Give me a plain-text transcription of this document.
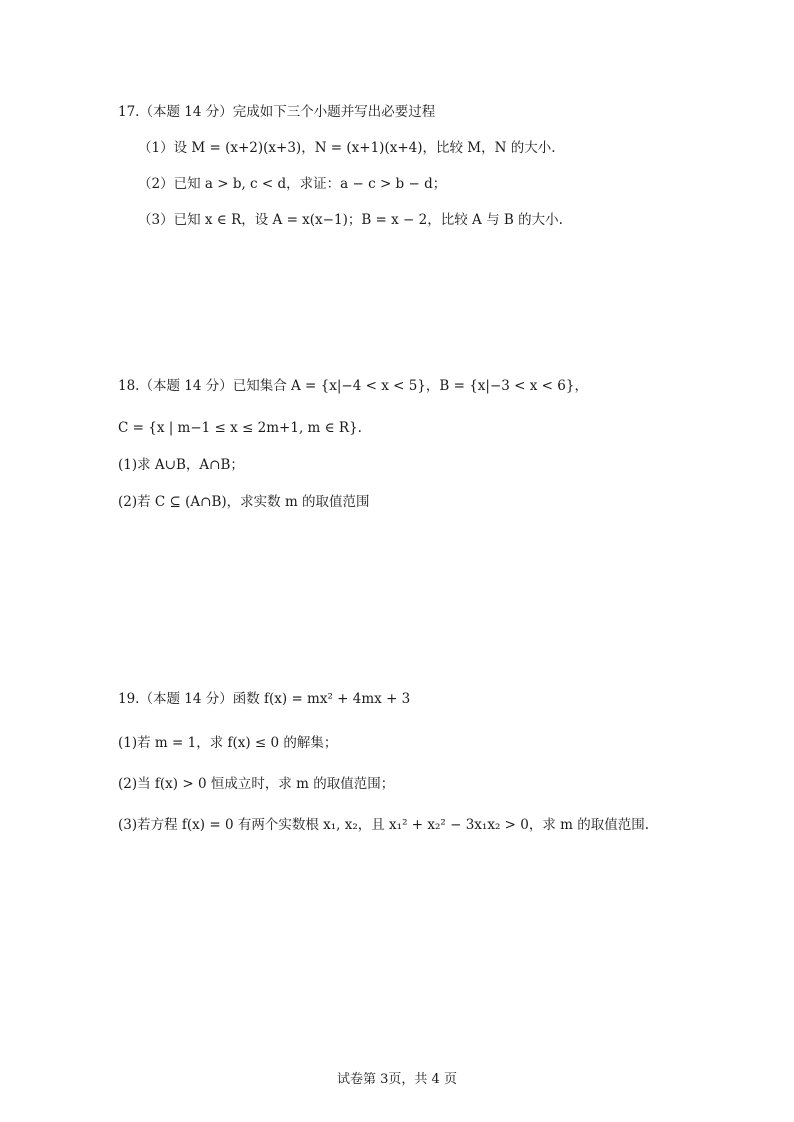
17.（本题 14 分）完成如下三个小题并写出必要过程
（1）设 M = (x+2)(x+3)，N = (x+1)(x+4)，比较 M，N 的大小.
（2）已知 a > b, c < d，求证：a − c > b − d；
（3）已知 x ∈ R，设 A = x(x−1)；B = x − 2，比较 A 与 B 的大小.
18.（本题 14 分）已知集合 A = {x|−4 < x < 5}，B = {x|−3 < x < 6}，
C = {x | m−1 ≤ x ≤ 2m+1, m ∈ R}.
(1)求 A∪B，A∩B；
(2)若 C ⊆ (A∩B)，求实数 m 的取值范围
19.（本题 14 分）函数 f(x) = mx² + 4mx + 3
(1)若 m = 1，求 f(x) ≤ 0 的解集；
(2)当 f(x) > 0 恒成立时，求 m 的取值范围；
(3)若方程 f(x) = 0 有两个实数根 x₁, x₂，且 x₁² + x₂² − 3x₁x₂ > 0，求 m 的取值范围.
试卷第 3页，共 4 页
